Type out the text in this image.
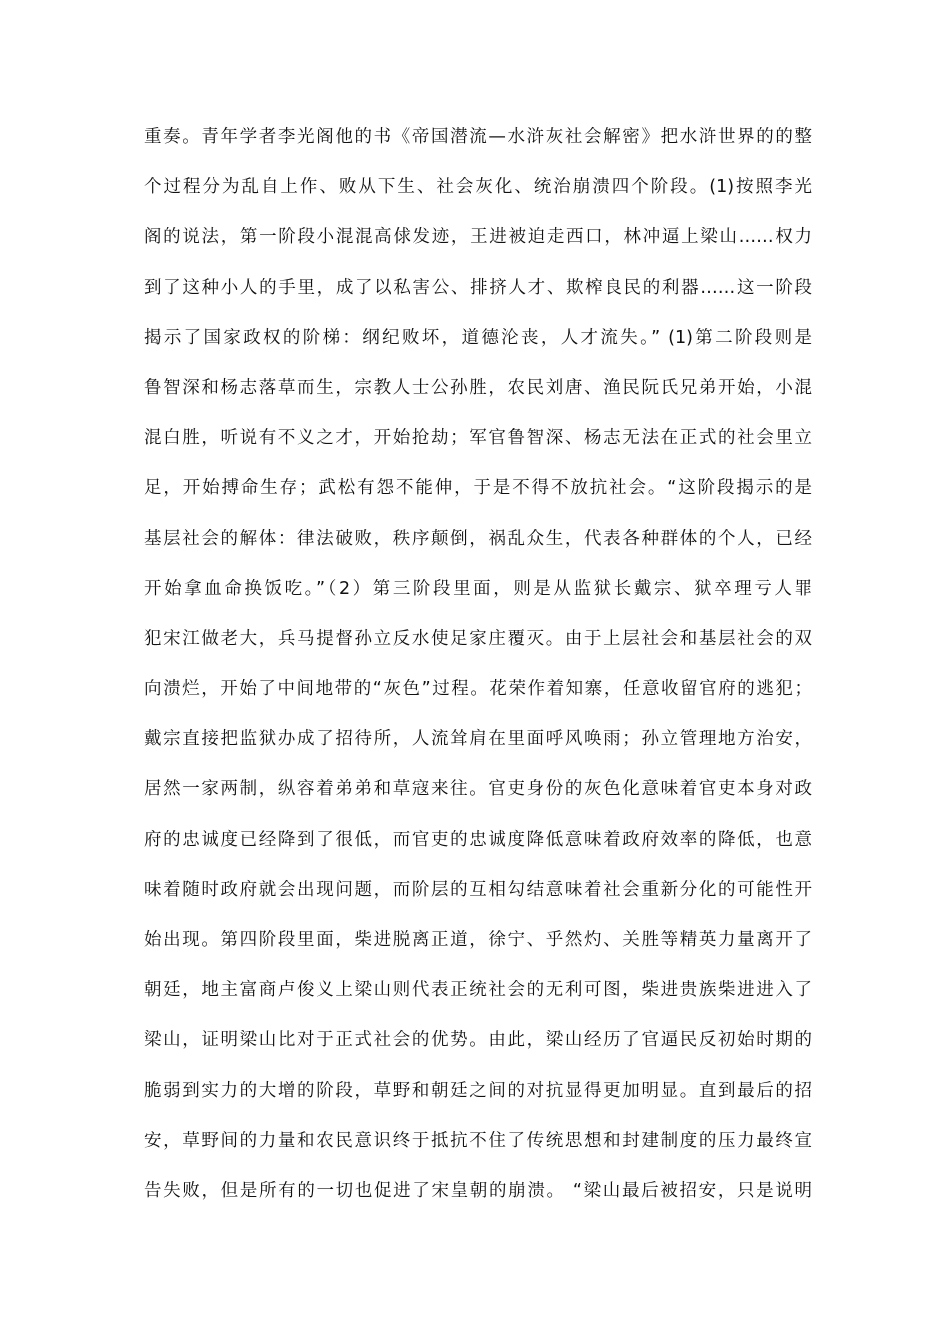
重奏。青年学者李光阁他的书《帝国潜流—水浒灰社会解密》把水浒世界的的整
个过程分为乱自上作、败从下生、社会灰化、统治崩溃四个阶段。(1)按照李光
阁的说法，第一阶段小混混高俅发迹，王进被迫走西口，林冲逼上梁山……权力
到了这种小人的手里，成了以私害公、排挤人才、欺榨良民的利器……这一阶段
揭示了国家政权的阶梯：纲纪败坏，道德沦丧，人才流失。” (1)第二阶段则是
鲁智深和杨志落草而生，宗教人士公孙胜，农民刘唐、渔民阮氏兄弟开始，小混
混白胜，听说有不义之才，开始抢劫；军官鲁智深、杨志无法在正式的社会里立
足，开始搏命生存；武松有怨不能伸，于是不得不放抗社会。“这阶段揭示的是
基层社会的解体：律法破败，秩序颠倒，祸乱众生，代表各种群体的个人，已经
开始拿血命换饭吃。”（2）第三阶段里面，则是从监狱长戴宗、狱卒理亏人罪
犯宋江做老大，兵马提督孙立反水使足家庄覆灭。由于上层社会和基层社会的双
向溃烂，开始了中间地带的“灰色”过程。花荣作着知寨，任意收留官府的逃犯；
戴宗直接把监狱办成了招待所，人流耸肩在里面呼风唤雨；孙立管理地方治安，
居然一家两制，纵容着弟弟和草寇来往。官吏身份的灰色化意味着官吏本身对政
府的忠诚度已经降到了很低，而官吏的忠诚度降低意味着政府效率的降低，也意
味着随时政府就会出现问题，而阶层的互相勾结意味着社会重新分化的可能性开
始出现。第四阶段里面，柴进脱离正道，徐宁、乎然灼、关胜等精英力量离开了
朝廷，地主富商卢俊义上梁山则代表正统社会的无利可图，柴进贵族柴进进入了
梁山，证明梁山比对于正式社会的优势。由此，梁山经历了官逼民反初始时期的
脆弱到实力的大增的阶段，草野和朝廷之间的对抗显得更加明显。直到最后的招
安，草野间的力量和农民意识终于抵抗不住了传统思想和封建制度的压力最终宣
告失败，但是所有的一切也促进了宋皇朝的崩溃。 “梁山最后被招安，只是说明
